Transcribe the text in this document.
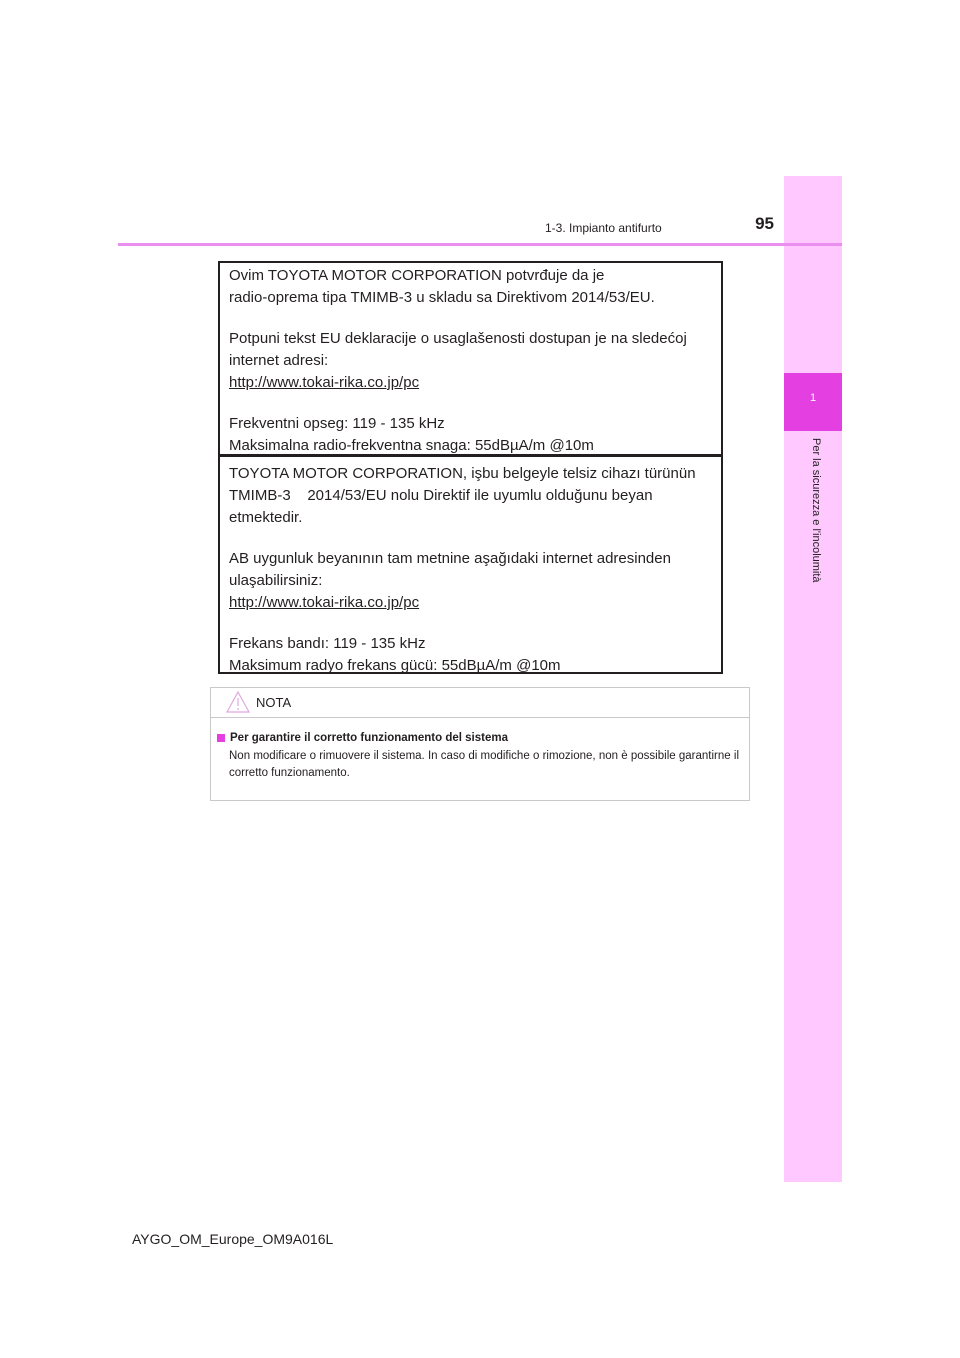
1
Per la sicurezza e l'incolumità
1-3. Impianto antifurto	95

Ovim TOYOTA MOTOR CORPORATION potvrđuje da je

radio-oprema tipa TMIMB-3 u skladu sa Direktivom 2014/53/EU.

Potpuni tekst EU deklaracije o usaglašenosti dostupan je na sledećoj

internet adresi:

http://www.tokai-rika.co.jp/pc

Frekventni opseg: 119 - 135 kHz

Maksimalna radio-frekventna snaga: 55dBµA/m @10m

TOYOTA MOTOR CORPORATION, işbu belgeyle telsiz cihazı türünün

TMIMB-3    2014/53/EU nolu Direktif ile uyumlu olduğunu beyan

etmektedir.

AB uygunluk beyanının tam metnine aşağıdaki internet adresinden

ulaşabilirsiniz:

http://www.tokai-rika.co.jp/pc

Frekans bandı: 119 - 135 kHz

Maksimum radyo frekans gücü: 55dBµA/m @10m

NOTA

Per garantire il corretto funzionamento del sistema

Non modificare o rimuovere il sistema. In caso di modifiche o rimozione, non è possibile garantirne il corretto funzionamento.

AYGO_OM_Europe_OM9A016L
